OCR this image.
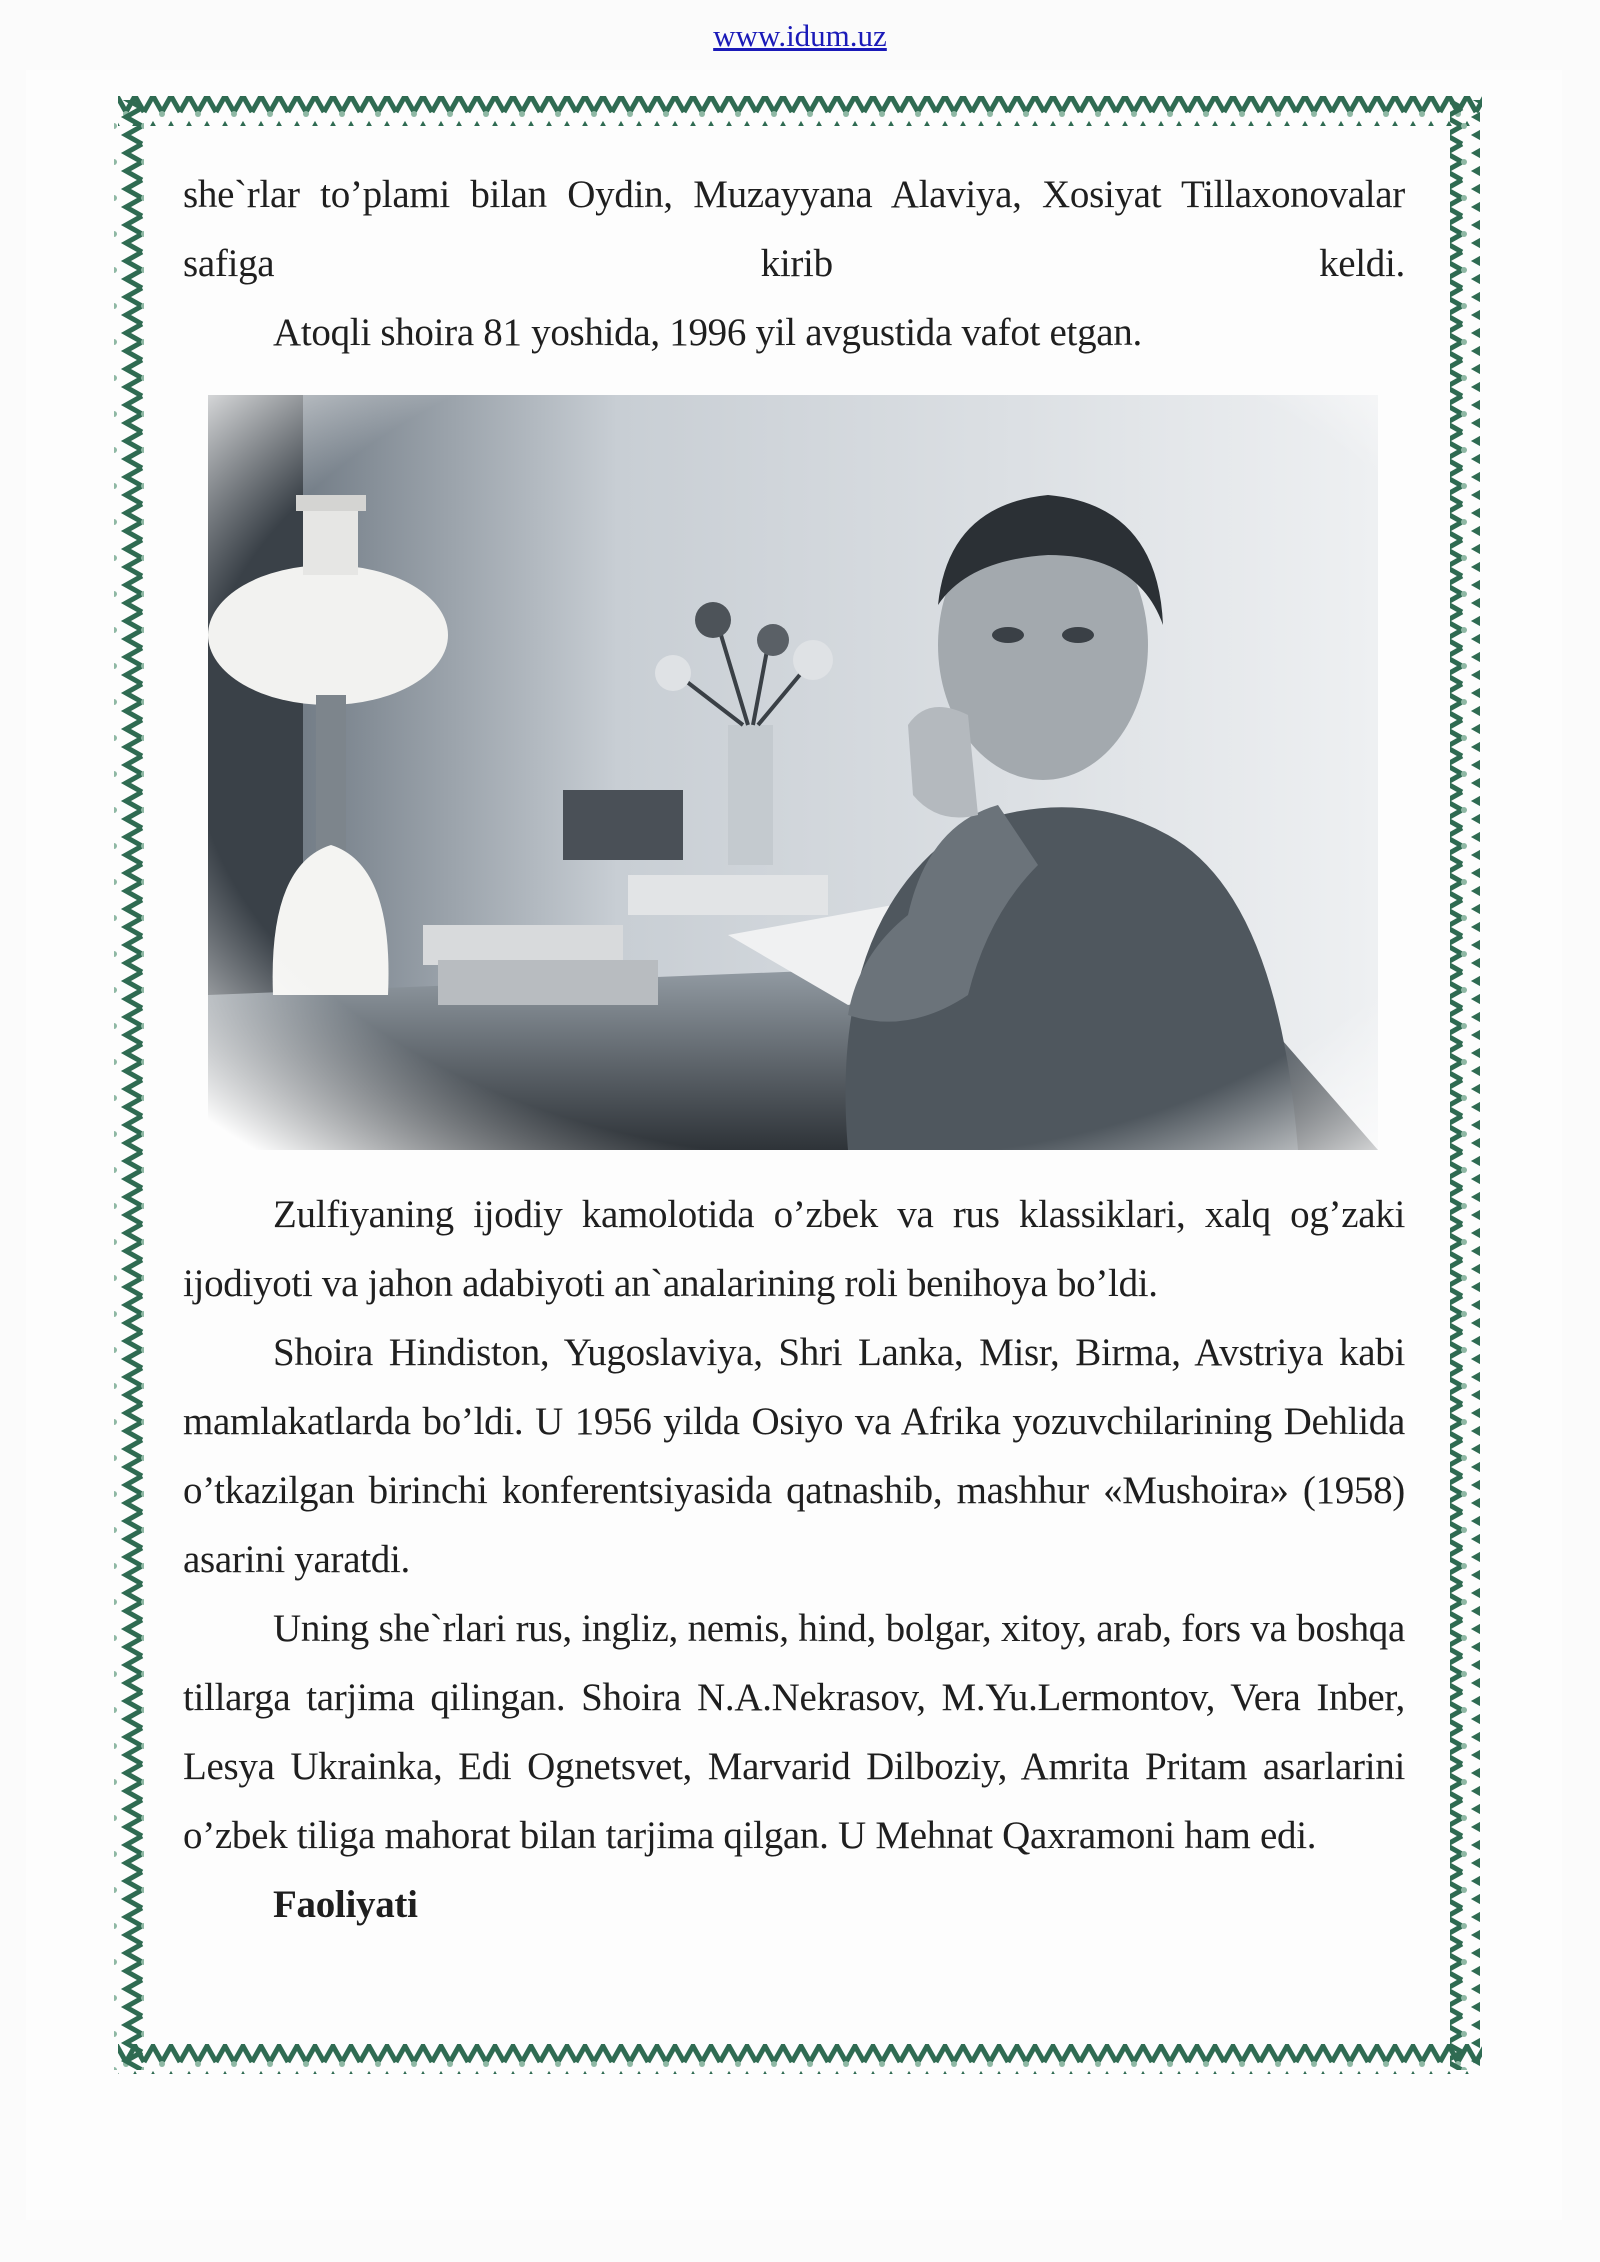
www.idum.uz

she`rlar to’plami bilan Oydin, Muzayyana Alaviya, Xosiyat Tillaxonovalar safiga kirib keldi.

Atoqli shoira 81 yoshida, 1996 yil avgustida vafot etgan.

Zulfiyaning ijodiy kamolotida o’zbek va rus klassiklari, xalq og’zaki ijodiyoti va jahon adabiyoti an`analarining roli benihoya bo’ldi.

Shoira Hindiston, Yugoslaviya, Shri Lanka, Misr, Birma, Avstriya kabi mamlakatlarda bo’ldi. U 1956 yilda Osiyo va Afrika yozuvchilarining Dehlida o’tkazilgan birinchi konferentsiyasida qatnashib, mashhur «Mushoira» (1958) asarini yaratdi.

Uning she`rlari rus, ingliz, nemis, hind, bolgar, xitoy, arab, fors va boshqa tillarga tarjima qilingan. Shoira N.A.Nekrasov, M.Yu.Lermontov, Vera Inber, Lesya Ukrainka, Edi Ognetsvet, Marvarid Dilboziy, Amrita Pritam asarlarini o’zbek tiliga mahorat bilan tarjima qilgan. U Mehnat Qaxramoni ham edi.

Faoliyati
